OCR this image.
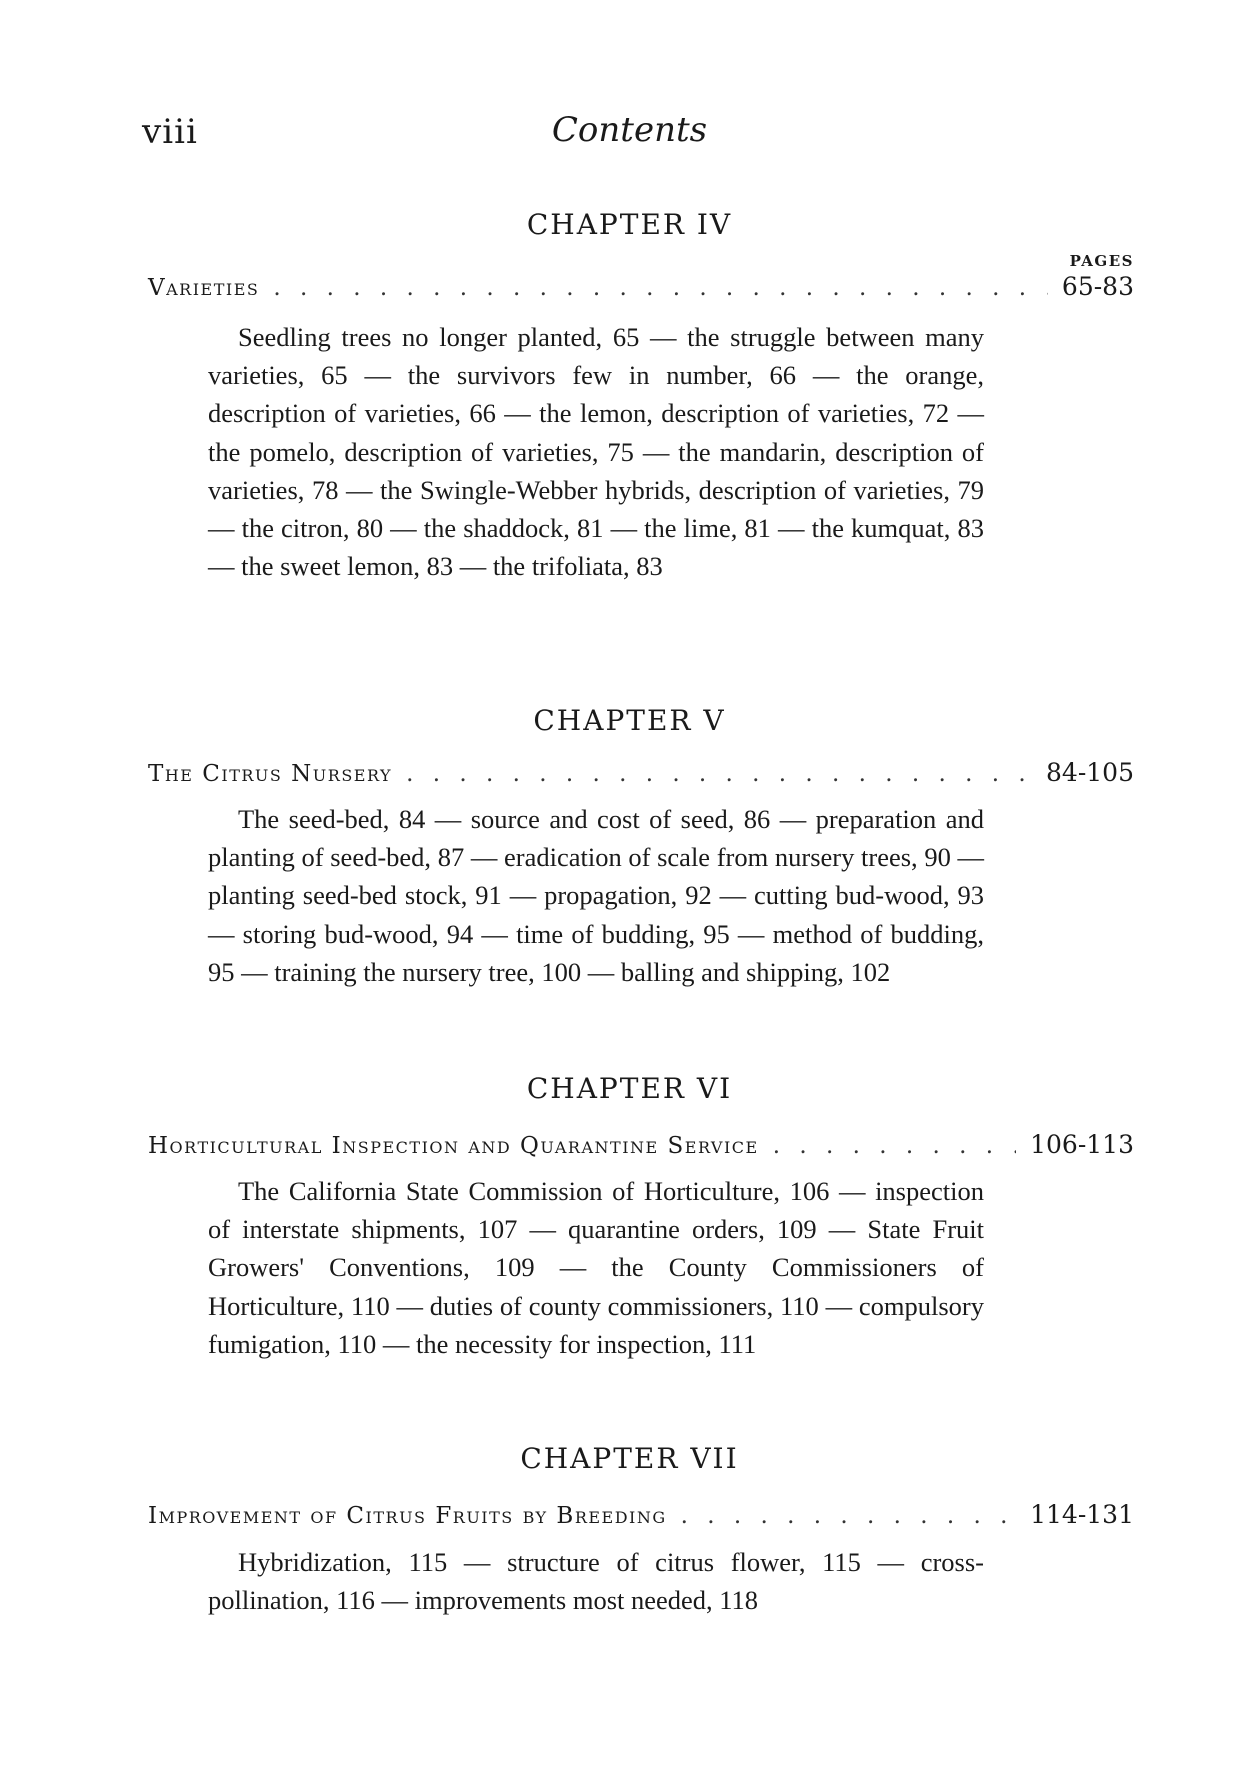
viii	Contents
CHAPTER IV
PAGES
Varieties . . .	65-83
Seedling trees no longer planted, 65 — the struggle between many varieties, 65 — the survivors few in number, 66 — the orange, description of varieties, 66 — the lemon, description of varieties, 72 — the pomelo, description of varieties, 75 — the mandarin, description of varieties, 78 — the Swingle-Webber hybrids, description of varieties, 79 — the citron, 80 — the shaddock, 81 — the lime, 81 — the kumquat, 83 — the sweet lemon, 83 — the trifoliata, 83
CHAPTER V
The Citrus Nursery . . .	84-105
The seed-bed, 84 — source and cost of seed, 86 — preparation and planting of seed-bed, 87 — eradication of scale from nursery trees, 90 — planting seed-bed stock, 91 — propagation, 92 — cutting bud-wood, 93 — storing bud-wood, 94 — time of budding, 95 — method of budding, 95 — training the nursery tree, 100 — balling and shipping, 102
CHAPTER VI
Horticultural Inspection and Quarantine Service . . .	106-113
The California State Commission of Horticulture, 106 — inspection of interstate shipments, 107 — quarantine orders, 109 — State Fruit Growers' Conventions, 109 — the County Commissioners of Horticulture, 110 — duties of county commissioners, 110 — compulsory fumigation, 110 — the necessity for inspection, 111
CHAPTER VII
Improvement of Citrus Fruits by Breeding . . .	114-131
Hybridization, 115 — structure of citrus flower, 115 — cross-pollination, 116 — improvements most needed, 118
